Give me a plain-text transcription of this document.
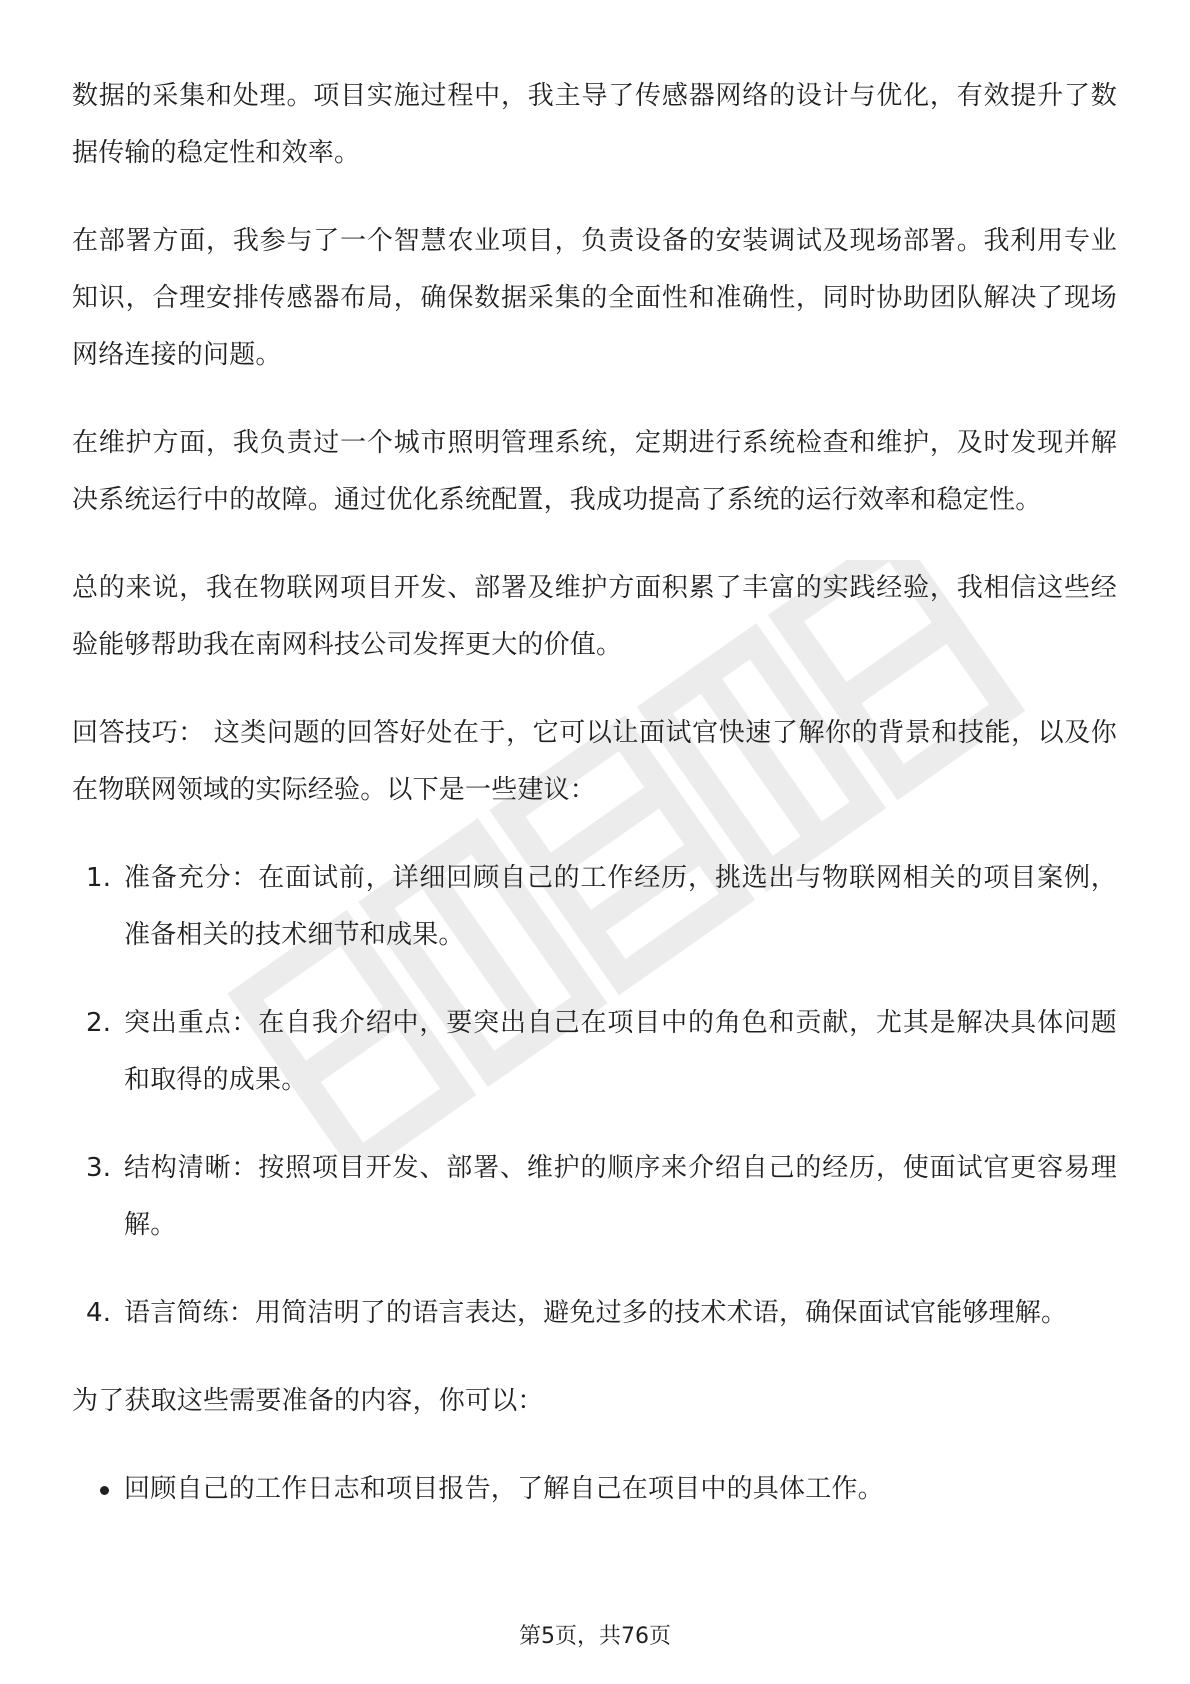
数据的采集和处理。项目实施过程中，我主导了传感器网络的设计与优化，有效提升了数据传输的稳定性和效率。

在部署方面，我参与了一个智慧农业项目，负责设备的安装调试及现场部署。我利用专业知识，合理安排传感器布局，确保数据采集的全面性和准确性，同时协助团队解决了现场网络连接的问题。

在维护方面，我负责过一个城市照明管理系统，定期进行系统检查和维护，及时发现并解决系统运行中的故障。通过优化系统配置，我成功提高了系统的运行效率和稳定性。

总的来说，我在物联网项目开发、部署及维护方面积累了丰富的实践经验，我相信这些经验能够帮助我在南网科技公司发挥更大的价值。

回答技巧： 这类问题的回答好处在于，它可以让面试官快速了解你的背景和技能，以及你在物联网领域的实际经验。以下是一些建议：

1. 准备充分：在面试前，详细回顾自己的工作经历，挑选出与物联网相关的项目案例，准备相关的技术细节和成果。
2. 突出重点：在自我介绍中，要突出自己在项目中的角色和贡献，尤其是解决具体问题和取得的成果。
3. 结构清晰：按照项目开发、部署、维护的顺序来介绍自己的经历，使面试官更容易理解。
4. 语言简练：用简洁明了的语言表达，避免过多的技术术语，确保面试官能够理解。

为了获取这些需要准备的内容，你可以：

回顾自己的工作日志和项目报告，了解自己在项目中的具体工作。
第5页，共76页
